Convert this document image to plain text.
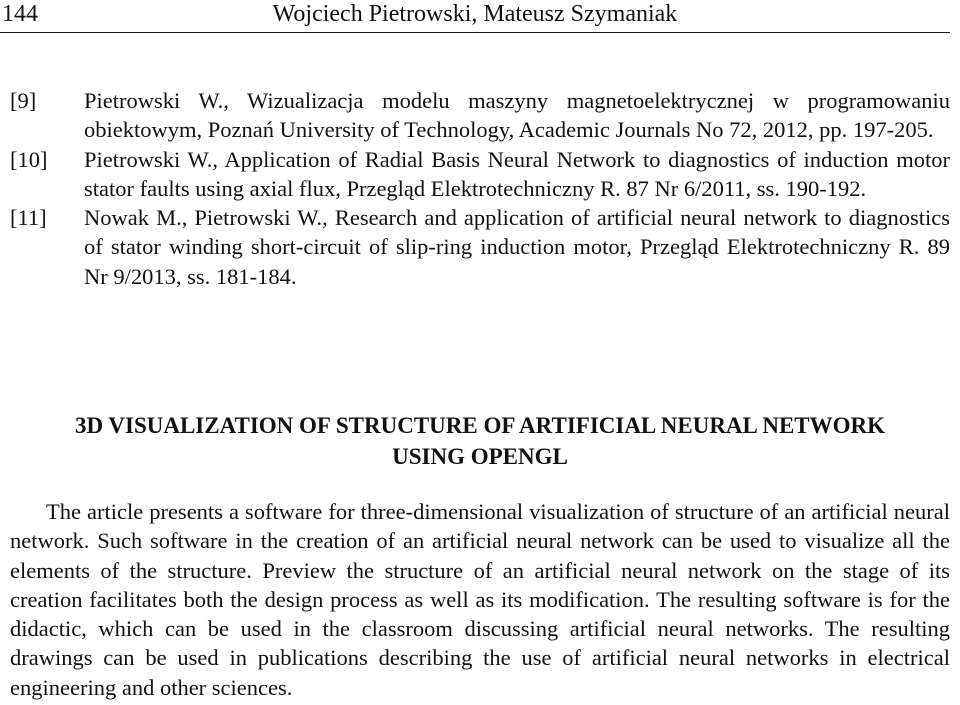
144	Wojciech Pietrowski, Mateusz Szymaniak
[9]	Pietrowski W., Wizualizacja modelu maszyny magnetoelektrycznej w programowaniu obiektowym, Poznań University of Technology, Academic Journals No 72, 2012, pp. 197-205.
[10]	Pietrowski W., Application of Radial Basis Neural Network to diagnostics of induction motor stator faults using axial flux, Przegląd Elektrotechniczny R. 87 Nr 6/2011, ss. 190-192.
[11]	Nowak M., Pietrowski W., Research and application of artificial neural network to diagnostics of stator winding short-circuit of slip-ring induction motor, Przegląd Elektrotechniczny R. 89 Nr 9/2013, ss. 181-184.
3D VISUALIZATION OF STRUCTURE OF ARTIFICIAL NEURAL NETWORK
USING OPENGL
The article presents a software for three-dimensional visualization of structure of an artificial neural network. Such software in the creation of an artificial neural network can be used to visualize all the elements of the structure. Preview the structure of an artificial neural network on the stage of its creation facilitates both the design process as well as its modification. The resulting software is for the didactic, which can be used in the classroom discussing artificial neural networks. The resulting drawings can be used in publications describing the use of artificial neural networks in electrical engineering and other sciences.
